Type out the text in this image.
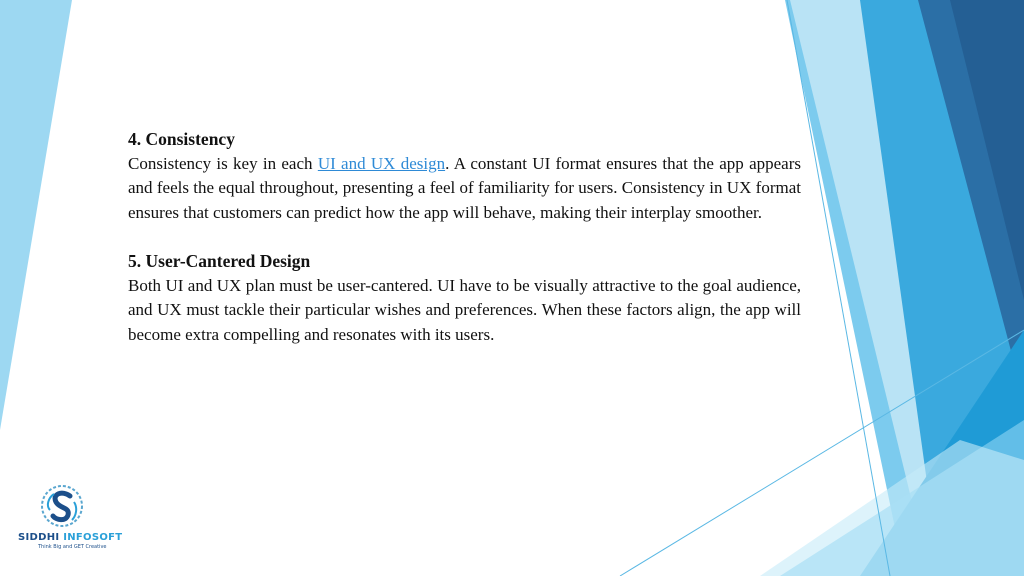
4. Consistency

Consistency is key in each UI and UX design. A constant UI format ensures that the app appears and feels the equal throughout, presenting a feel of familiarity for users. Consistency in UX format ensures that customers can predict how the app will behave, making their interplay smoother.

5. User-Cantered Design

Both UI and UX plan must be user-cantered. UI have to be visually attractive to the goal audience, and UX must tackle their particular wishes and preferences. When these factors align, the app will become extra compelling and resonates with its users.

SIDDHI INFOSOFT
Think Big and GET Creative
